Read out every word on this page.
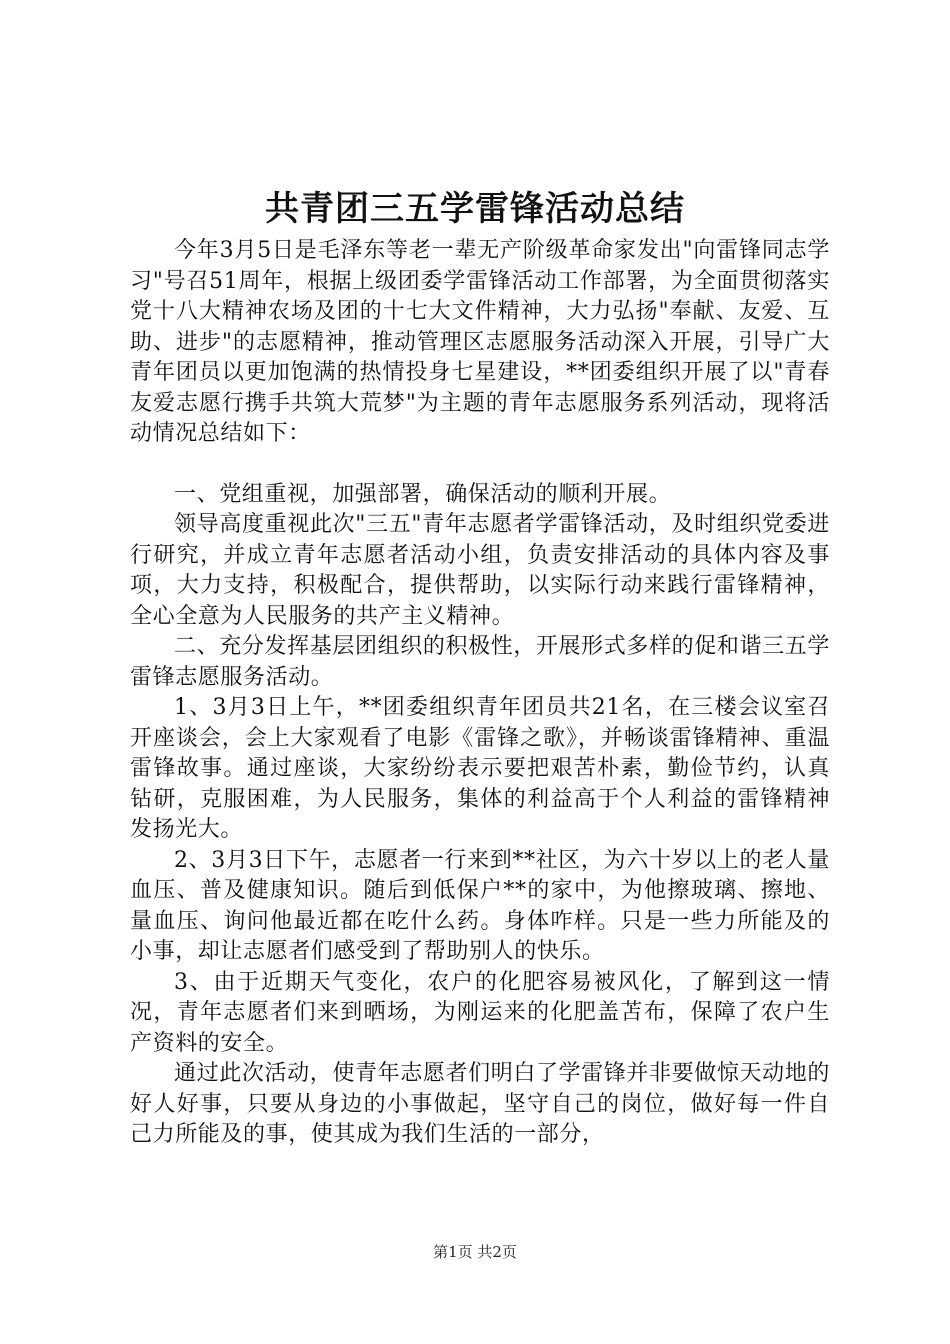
共青团三五学雷锋活动总结

今年3月5日是毛泽东等老一辈无产阶级革命家发出"向雷锋同志学习"号召51周年，根据上级团委学雷锋活动工作部署，为全面贯彻落实党十八大精神农场及团的十七大文件精神，大力弘扬"奉献、友爱、互助、进步"的志愿精神，推动管理区志愿服务活动深入开展，引导广大青年团员以更加饱满的热情投身七星建设，**团委组织开展了以"青春友爱志愿行携手共筑大荒梦"为主题的青年志愿服务系列活动，现将活动情况总结如下：

一、党组重视，加强部署，确保活动的顺利开展。

领导高度重视此次"三五"青年志愿者学雷锋活动，及时组织党委进行研究，并成立青年志愿者活动小组，负责安排活动的具体内容及事项，大力支持，积极配合，提供帮助，以实际行动来践行雷锋精神，全心全意为人民服务的共产主义精神。

二、充分发挥基层团组织的积极性，开展形式多样的促和谐三五学雷锋志愿服务活动。

1、3月3日上午，**团委组织青年团员共21名，在三楼会议室召开座谈会，会上大家观看了电影《雷锋之歌》，并畅谈雷锋精神、重温雷锋故事。通过座谈，大家纷纷表示要把艰苦朴素，勤俭节约，认真钻研，克服困难，为人民服务，集体的利益高于个人利益的雷锋精神发扬光大。

2、3月3日下午，志愿者一行来到**社区，为六十岁以上的老人量血压、普及健康知识。随后到低保户**的家中，为他擦玻璃、擦地、量血压、询问他最近都在吃什么药。身体咋样。只是一些力所能及的小事，却让志愿者们感受到了帮助别人的快乐。

3、由于近期天气变化，农户的化肥容易被风化，了解到这一情况，青年志愿者们来到晒场，为刚运来的化肥盖苫布，保障了农户生产资料的安全。

通过此次活动，使青年志愿者们明白了学雷锋并非要做惊天动地的好人好事，只要从身边的小事做起，坚守自己的岗位，做好每一件自己力所能及的事，使其成为我们生活的一部分，

第1页 共2页
